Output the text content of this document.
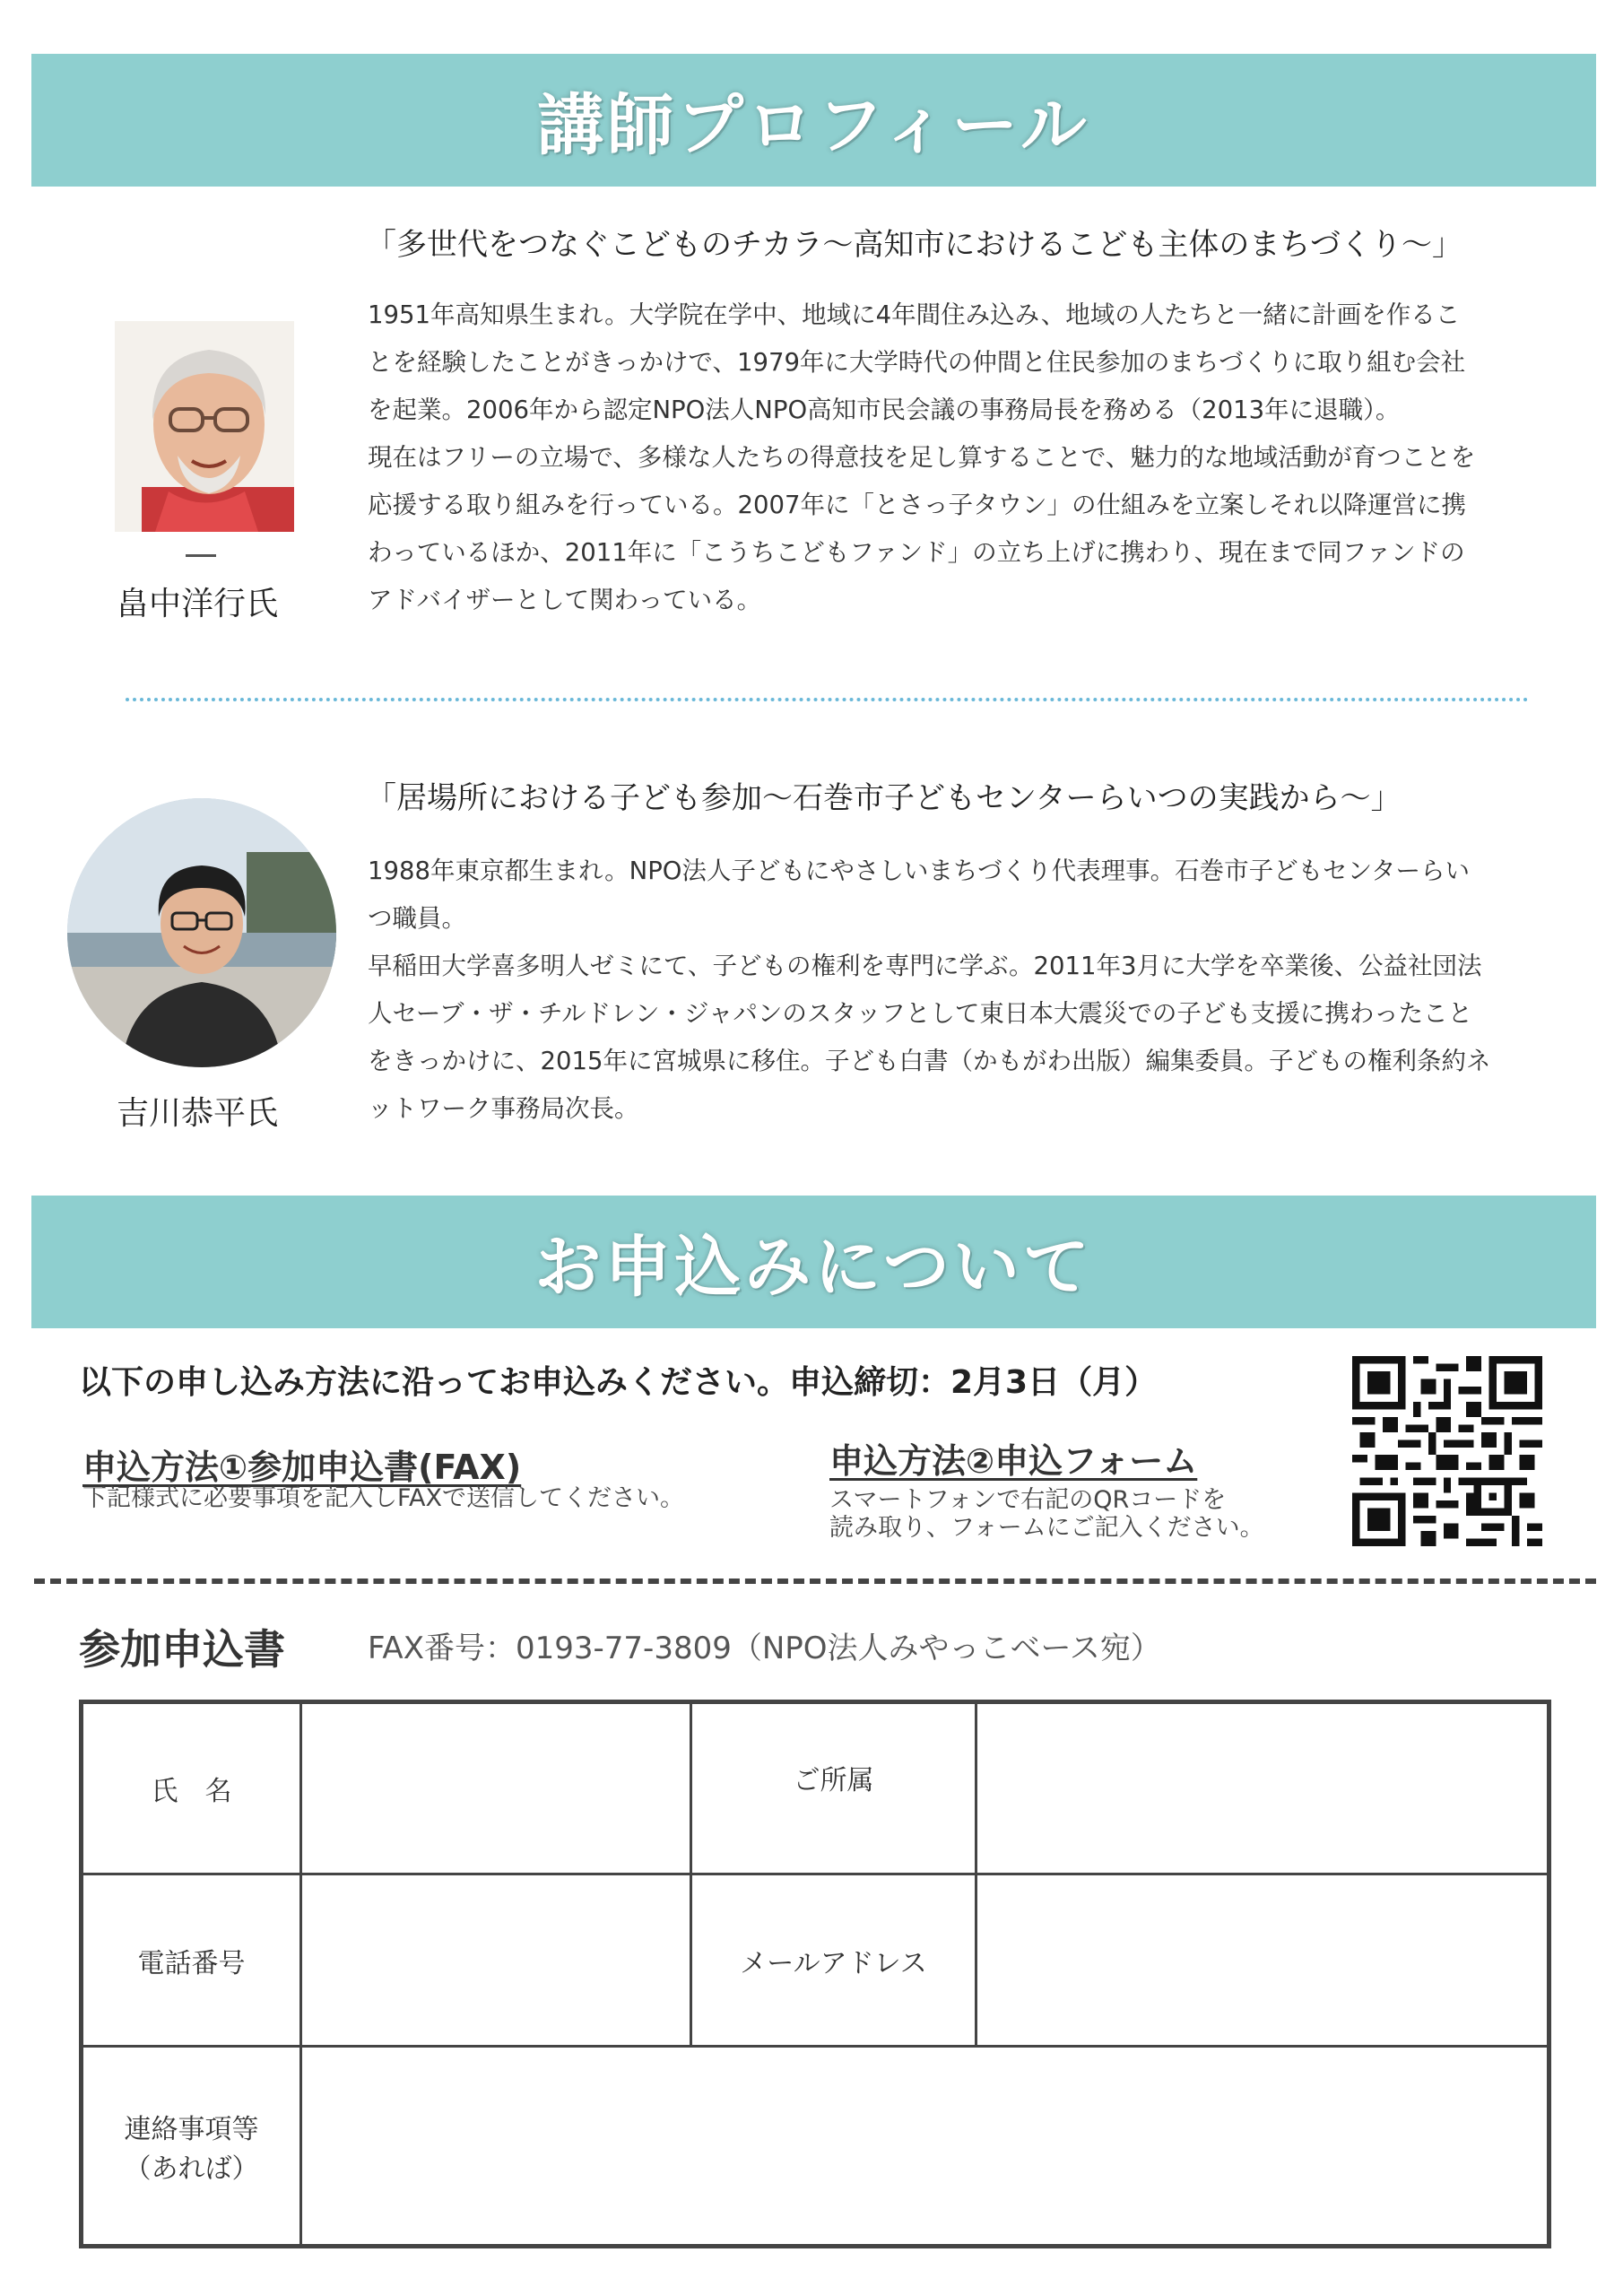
講師プロフィール
「多世代をつなぐこどものチカラ～高知市におけるこども主体のまちづくり～」

1951年高知県生まれ。大学院在学中、地域に4年間住み込み、地域の人たちと一緒に計画を作るこ

とを経験したことがきっかけで、1979年に大学時代の仲間と住民参加のまちづくりに取り組む会社

を起業。2006年から認定NPO法人NPO高知市民会議の事務局長を務める（2013年に退職）。

現在はフリーの立場で、多様な人たちの得意技を足し算することで、魅力的な地域活動が育つことを

応援する取り組みを行っている。2007年に「とさっ子タウン」の仕組みを立案しそれ以降運営に携

わっているほか、2011年に「こうちこどもファンド」の立ち上げに携わり、現在まで同ファンドの

アドバイザーとして関わっている。

畠中洋行氏
「居場所における子ども参加～石巻市子どもセンターらいつの実践から～」

1988年東京都生まれ。NPO法人子どもにやさしいまちづくり代表理事。石巻市子どもセンターらい

つ職員。

早稲田大学喜多明人ゼミにて、子どもの権利を専門に学ぶ。2011年3月に大学を卒業後、公益社団法

人セーブ・ザ・チルドレン・ジャパンのスタッフとして東日本大震災での子ども支援に携わったこと

をきっかけに、2015年に宮城県に移住。子ども白書（かもがわ出版）編集委員。子どもの権利条約ネ

ットワーク事務局次長。

吉川恭平氏
お申込みについて
以下の申し込み方法に沿ってお申込みください。申込締切：2月3日（月）
申込方法①参加申込書(FAX)
下記様式に必要事項を記入しFAXで送信してください。
申込方法②申込フォーム
スマートフォンで右記のQRコードを
読み取り、フォームにご記入ください。
参加申込書	FAX番号：0193-77-3809（NPO法人みやっこベース宛）
氏　名		ご所属	
電話番号		メールアドレス	

連絡事項等
（あれば）			
